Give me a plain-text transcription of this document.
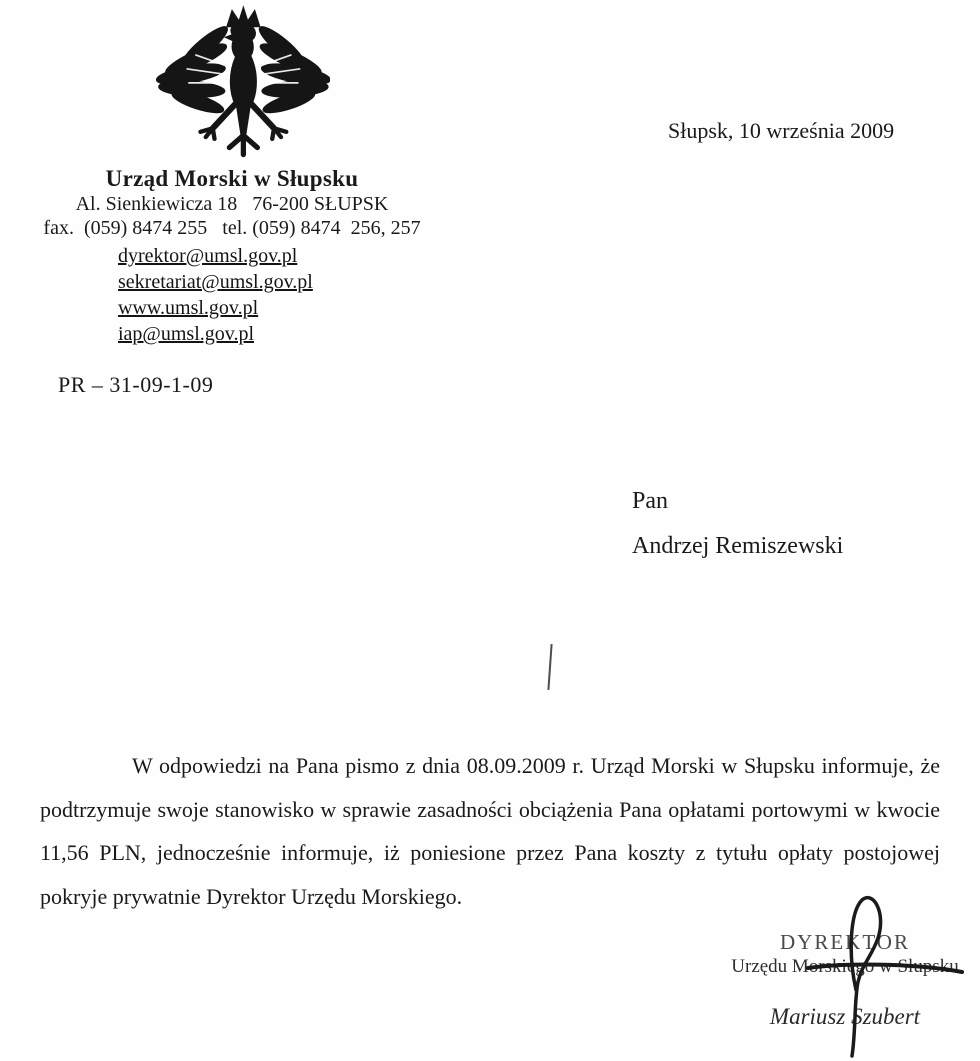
Słupsk, 10 września 2009
Urząd Morski w Słupsku
Al. Sienkiewicza 18   76-200 SŁUPSK
fax.  (059) 8474 255   tel. (059) 8474  256, 257
dyrektor@umsl.gov.pl
sekretariat@umsl.gov.pl
www.umsl.gov.pl
iap@umsl.gov.pl
PR – 31-09-1-09
Pan
Andrzej Remiszewski

W odpowiedzi na Pana pismo z dnia 08.09.2009 r. Urząd Morski w Słupsku informuje, że podtrzymuje swoje stanowisko w sprawie zasadności obciążenia Pana opłatami portowymi w kwocie 11,56 PLN, jednocześnie informuje, iż poniesione przez Pana koszty z tytułu opłaty postojowej pokryje prywatnie Dyrektor Urzędu Morskiego.

DYREKTOR
Urzędu Morskiego w Słupsku
Mariusz Szubert
